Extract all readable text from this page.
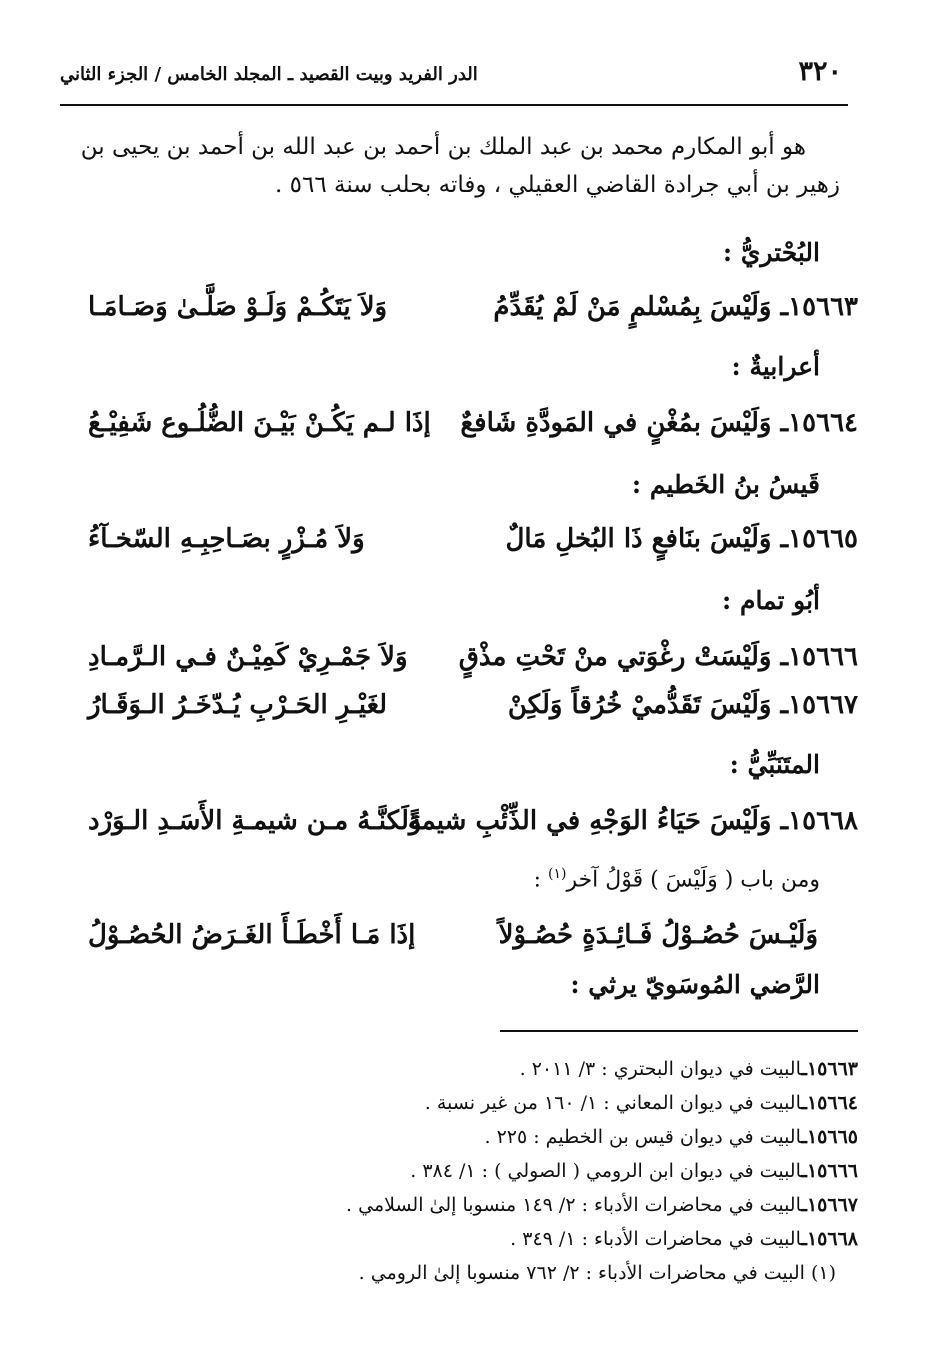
٣٢٠
الدر الفريد وبيت القصيد ـ المجلد الخامس / الجزء الثاني
هو أبو المكارم محمد بن عبد الملك بن أحمد بن عبد الله بن أحمد بن يحيى بن
زهير بن أبي جرادة القاضي العقيلي ، وفاته بحلب سنة ٥٦٦ .
البُحْتريُّ :
١٥٦٦٣ـ وَلَيْسَ بِمُسْلمٍ مَنْ لَمْ يُقَدِّمُ
وَلاَ يَتَكُـمْ وَلَـوْ صَلَّـىٰ وَصَـامَـا
أعرابيةٌ :
١٥٦٦٤ـ وَلَيْسَ بمُغْنٍ في المَودَّةِ شَافعٌ
إذَا لـم يَكُـنْ بَيْـنَ الضُّلُـوع شَفِيْـعُ
قَيسُ بنُ الخَطيم :
١٥٦٦٥ـ وَلَيْسَ بنَافعٍ ذَا البُخلِ مَالٌ
وَلاَ مُـزْرٍ بصَـاحِبِـهِ السّخـآءُ
أبُو تمام :
١٥٦٦٦ـ وَلَيْسَتْ رغْوَتي منْ تَحْتِ مذْقٍ
وَلاَ جَمْـرِيْ كَمِيْـنٌ فـي الـرَّمـادِ
١٥٦٦٧ـ وَلَيْسَ تَقَدُّميْ خُرُقاً وَلَكِنْ
لغَيْـرِ الحَـرْبِ يُـدّخَـرُ الـوَقَـارُ
المتَنَبِّيُّ :
١٥٦٦٨ـ وَلَيْسَ حَيَاءُ الوَجْهِ في الذِّئْبِ شيمةً
وَلَكنَّـهُ مـن شيمـةِ الأَسَـدِ الـوَرْد
ومن باب ( وَلَيْسَ ) قَوْلُ آخر$^{(١)}$ :
وَلَيْـسَ حُصُـوْلُ فَـائِـدَةٍ حُصُـوْلاً
إذَا مَـا أَخْطَـأَ الغَـرَضُ الحُصُـوْلُ
الرَّضي المُوسَويّ يرثي :
١٥٦٦٣ـالبيت في ديوان البحتري : ٣/ ٢٠١١ .
١٥٦٦٤ـالبيت في ديوان المعاني : ١/ ١٦٠ من غير نسبة .
١٥٦٦٥ـالبيت في ديوان قيس بن الخطيم : ٢٢٥ .
١٥٦٦٦ـالبيت في ديوان ابن الرومي ( الصولي ) : ١/ ٣٨٤ .
١٥٦٦٧ـالبيت في محاضرات الأدباء : ٢/ ١٤٩ منسوبا إلىٰ السلامي .
١٥٦٦٨ـالبيت في محاضرات الأدباء : ١/ ٣٤٩ .
(١) البيت في محاضرات الأدباء : ٢/ ٧٦٢ منسوبا إلىٰ الرومي .
